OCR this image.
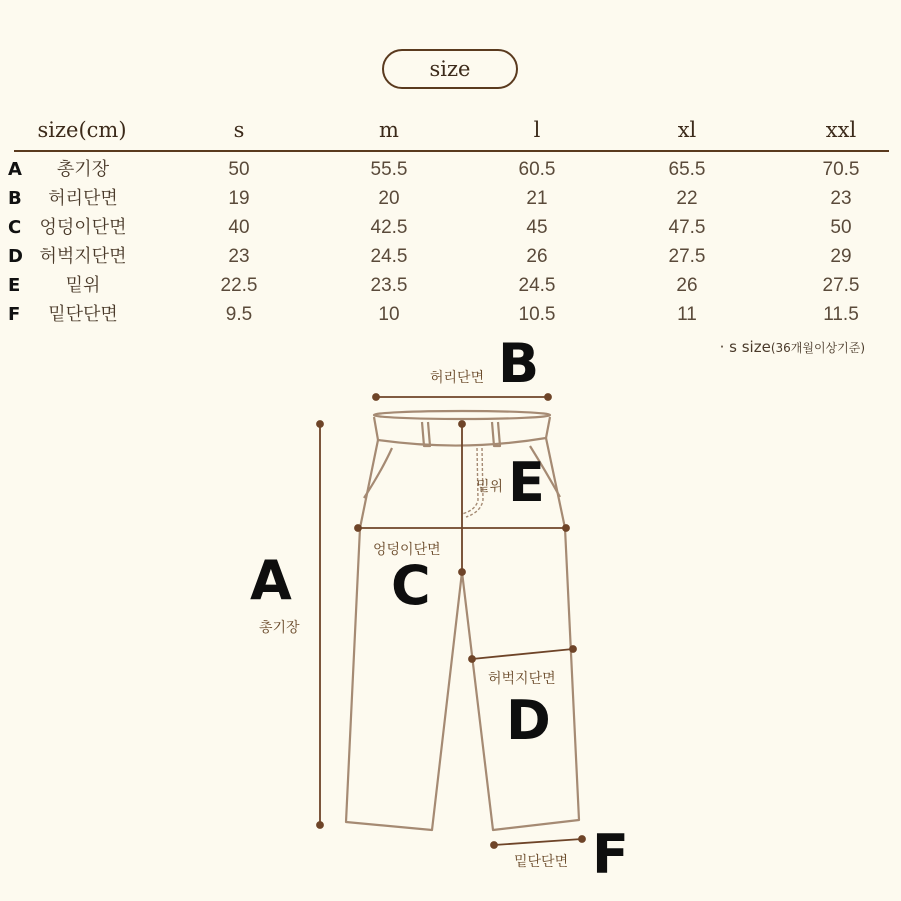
size
size(cm)	s	m	l	xl	xxl
A 총기장	50	55.5	60.5	65.5	70.5
B 허리단면	19	20	21	22	23
C 엉덩이단면	40	42.5	45	47.5	50
D 허벅지단면	23	24.5	26	27.5	29
E	밑위	22.5	23.5	24.5	26	27.5
F 밑단단면	9.5	10	10.5	11	11.5
· s size(36개월이상기준)
B
허리단면
E
밑위
엉덩이단면
C
A
총기장
허벅지단면
D
밑단단면 F
